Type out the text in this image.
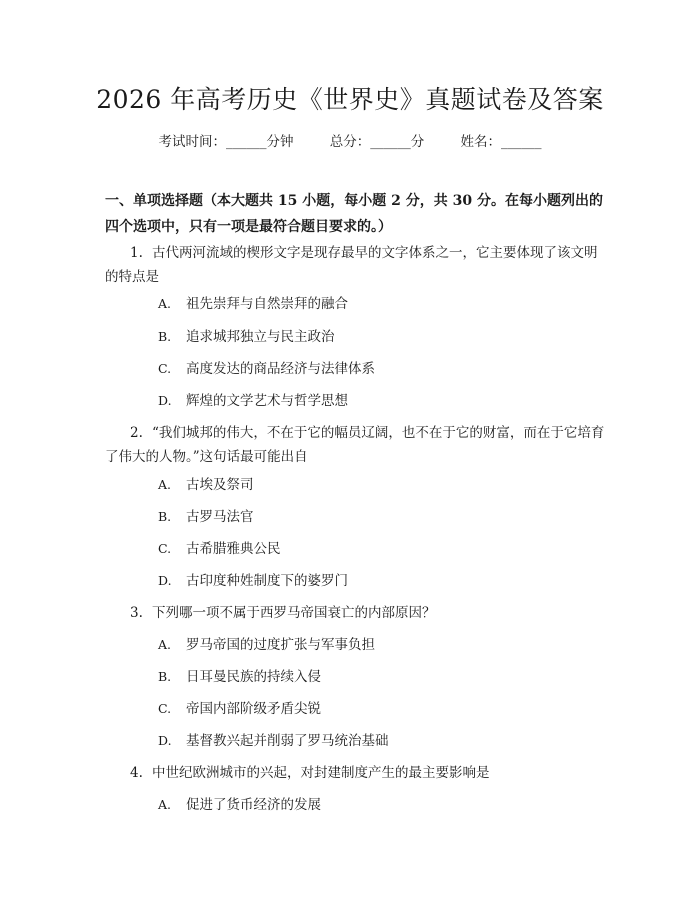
2026 年高考历史《世界史》真题试卷及答案
考试时间：______分钟	总分：______分	姓名：______
一、单项选择题（本大题共 15 小题，每小题 2 分，共 30 分。在每小题列出的四个选项中，只有一项是最符合题目要求的。）
1. 古代两河流域的楔形文字是现存最早的文字体系之一，它主要体现了该文明的特点是
A. 祖先崇拜与自然崇拜的融合
B. 追求城邦独立与民主政治
C. 高度发达的商品经济与法律体系
D. 辉煌的文学艺术与哲学思想
2. “我们城邦的伟大，不在于它的幅员辽阔，也不在于它的财富，而在于它培育了伟大的人物。”这句话最可能出自
A. 古埃及祭司
B. 古罗马法官
C. 古希腊雅典公民
D. 古印度种姓制度下的婆罗门
3. 下列哪一项不属于西罗马帝国衰亡的内部原因？
A. 罗马帝国的过度扩张与军事负担
B. 日耳曼民族的持续入侵
C. 帝国内部阶级矛盾尖锐
D. 基督教兴起并削弱了罗马统治基础
4. 中世纪欧洲城市的兴起，对封建制度产生的最主要影响是
A. 促进了货币经济的发展
